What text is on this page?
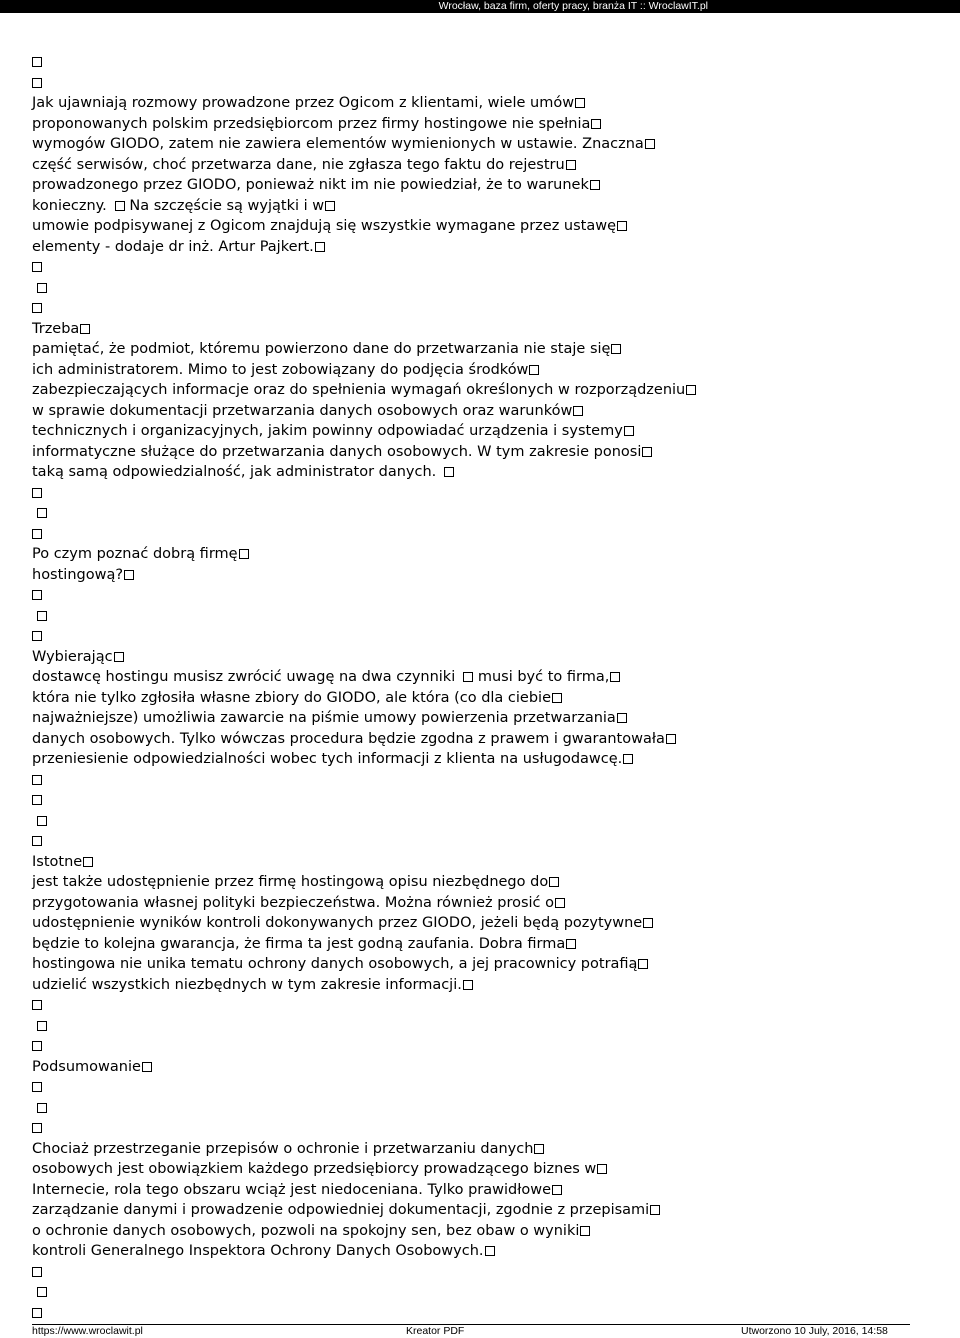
Wrocław, baza firm, oferty pracy, branża IT :: WroclawIT.pl
Jak ujawniają rozmowy prowadzone przez Ogicom z klientami, wiele umów
proponowanych polskim przedsiębiorcom przez firmy hostingowe nie spełnia
wymogów GIODO, zatem nie zawiera elementów wymienionych w ustawie. Znaczna
część serwisów, choć przetwarza dane, nie zgłasza tego faktu do rejestru
prowadzonego przez GIODO, ponieważ nikt im nie powiedział, że to warunek
konieczny. Na szczęście są wyjątki i w
umowie podpisywanej z Ogicom znajdują się wszystkie wymagane przez ustawę
elementy - dodaje dr inż. Artur Pajkert.
Trzeba
pamiętać, że podmiot, któremu powierzono dane do przetwarzania nie staje się
ich administratorem. Mimo to jest zobowiązany do podjęcia środków
zabezpieczających informacje oraz do spełnienia wymagań określonych w rozporządzeniu
w sprawie dokumentacji przetwarzania danych osobowych oraz warunków
technicznych i organizacyjnych, jakim powinny odpowiadać urządzenia i systemy
informatyczne służące do przetwarzania danych osobowych. W tym zakresie ponosi
taką samą odpowiedzialność, jak administrator danych.
Po czym poznać dobrą firmę
hostingową?
Wybierając
dostawcę hostingu musisz zwrócić uwagę na dwa czynniki musi być to firma,
która nie tylko zgłosiła własne zbiory do GIODO, ale która (co dla ciebie
najważniejsze) umożliwia zawarcie na piśmie umowy powierzenia przetwarzania
danych osobowych. Tylko wówczas procedura będzie zgodna z prawem i gwarantowała
przeniesienie odpowiedzialności wobec tych informacji z klienta na usługodawcę.
Istotne
jest także udostępnienie przez firmę hostingową opisu niezbędnego do
przygotowania własnej polityki bezpieczeństwa. Można również prosić o
udostępnienie wyników kontroli dokonywanych przez GIODO, jeżeli będą pozytywne
będzie to kolejna gwarancja, że firma ta jest godną zaufania. Dobra firma
hostingowa nie unika tematu ochrony danych osobowych, a jej pracownicy potrafią
udzielić wszystkich niezbędnych w tym zakresie informacji.
Podsumowanie
Chociaż przestrzeganie przepisów o ochronie i przetwarzaniu danych
osobowych jest obowiązkiem każdego przedsiębiorcy prowadzącego biznes w
Internecie, rola tego obszaru wciąż jest niedoceniana. Tylko prawidłowe
zarządzanie danymi i prowadzenie odpowiedniej dokumentacji, zgodnie z przepisami
o ochronie danych osobowych, pozwoli na spokojny sen, bez obaw o wyniki
kontroli Generalnego Inspektora Ochrony Danych Osobowych.
https://www.wroclawit.pl	Kreator PDF	Utworzono 10 July, 2016, 14:58
